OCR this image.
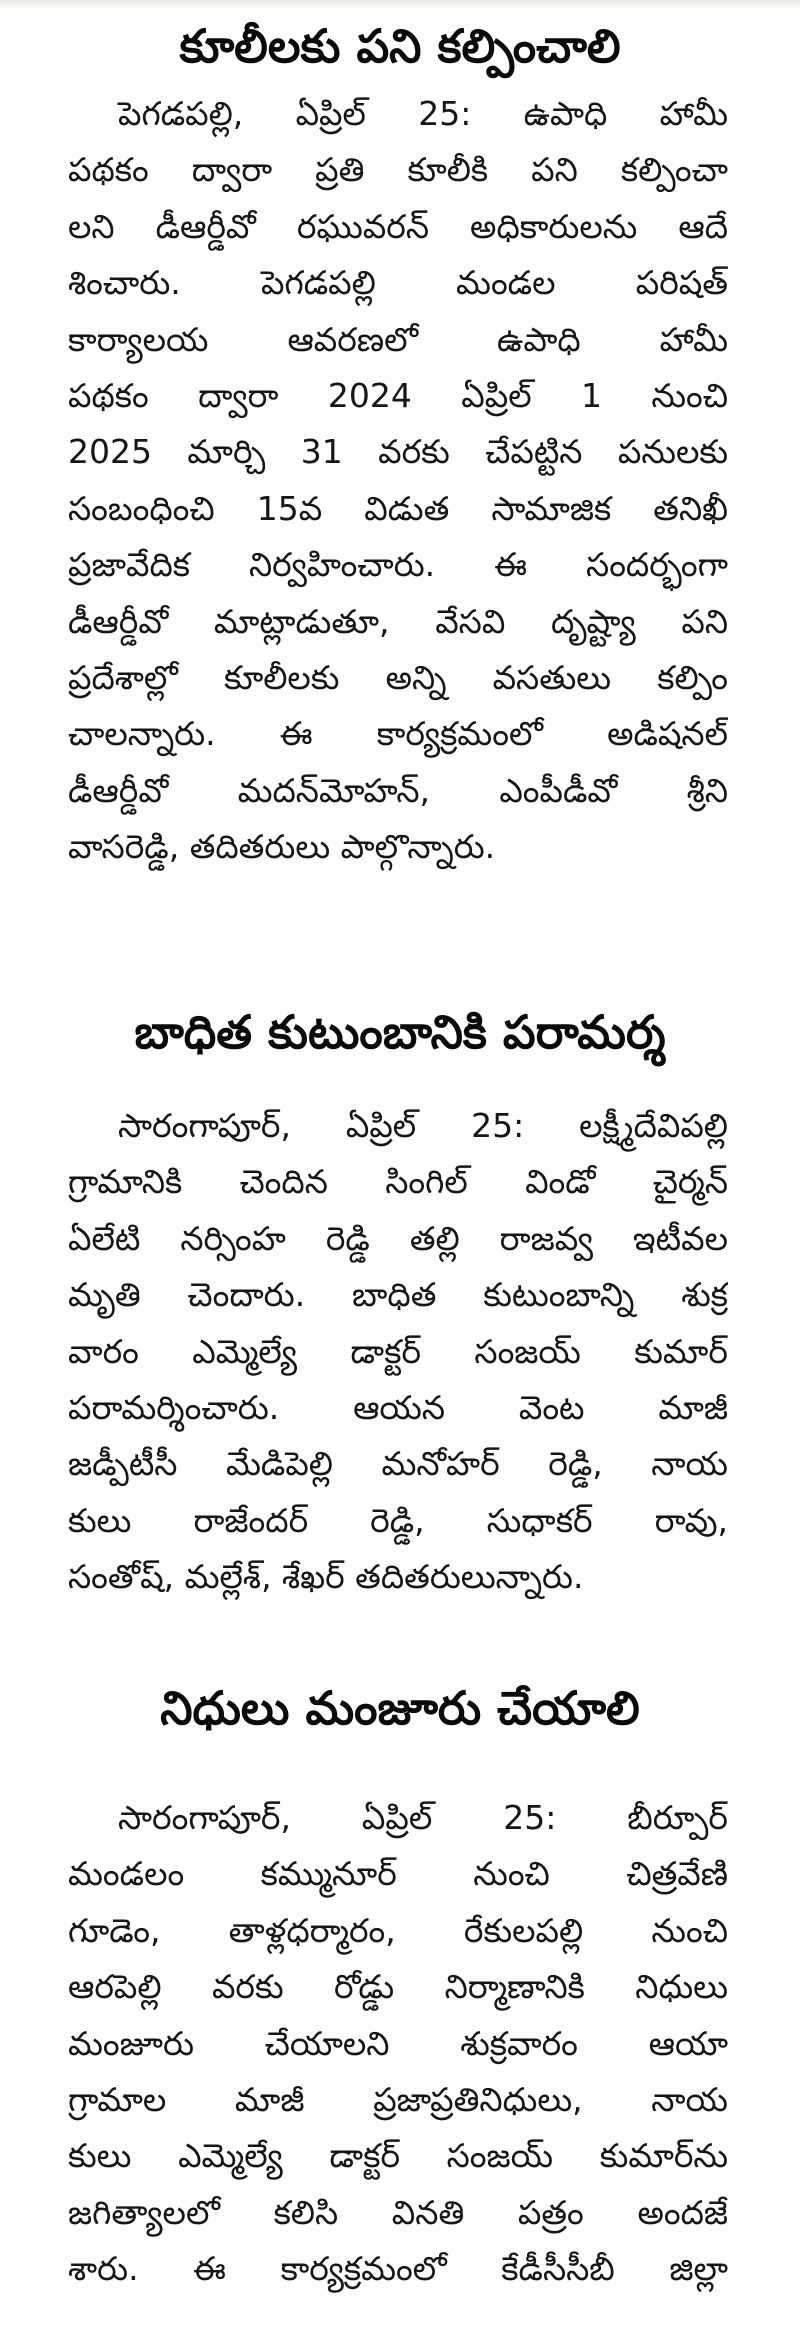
కూలీలకు పని కల్పించాలి
పెగడపల్లి, ఏప్రిల్ 25: ఉపాధి హామీ
పథకం ద్వారా ప్రతి కూలీకి పని కల్పించా
లని డీఆర్డీవో రఘువరన్ అధికారులను ఆదే
శించారు. పెగడపల్లి మండల పరిషత్
కార్యాలయ ఆవరణలో ఉపాధి హామీ
పథకం ద్వారా 2024 ఏప్రిల్ 1 నుంచి
2025 మార్చి 31 వరకు చేపట్టిన పనులకు
సంబంధించి 15వ విడుత సామాజిక తనిఖీ
ప్రజావేదిక నిర్వహించారు. ఈ సందర్భంగా
డీఆర్డీవో మాట్లాడుతూ, వేసవి దృష్ట్యా పని
ప్రదేశాల్లో కూలీలకు అన్ని వసతులు కల్పిం
చాలన్నారు. ఈ కార్యక్రమంలో అడిషనల్
డీఆర్డీవో మదన్‌మోహన్, ఎంపీడీవో శ్రీని
వాసరెడ్డి, తదితరులు పాల్గొన్నారు.
బాధిత కుటుంబానికి పరామర్శ
సారంగాపూర్, ఏప్రిల్ 25: లక్ష్మీదేవిపల్లి
గ్రామానికి చెందిన సింగిల్ విండో చైర్మన్
ఏలేటి నర్సింహ రెడ్డి తల్లి రాజవ్వ ఇటీవల
మృతి చెందారు. బాధిత కుటుంబాన్ని శుక్ర
వారం ఎమ్మెల్యే డాక్టర్ సంజయ్ కుమార్
పరామర్శించారు. ఆయన వెంట మాజీ
జడ్పీటీసీ మేడిపెల్లి మనోహర్ రెడ్డి, నాయ
కులు రాజేందర్ రెడ్డి, సుధాకర్ రావు,
సంతోష్, మల్లేశ్, శేఖర్ తదితరులున్నారు.
నిధులు మంజూరు చేయాలి
సారంగాపూర్, ఏప్రిల్ 25: బీర్పూర్
మండలం కమ్మునూర్ నుంచి చిత్రవేణి
గూడెం, తాళ్లధర్మారం, రేకులపల్లి నుంచి
ఆరపెల్లి వరకు రోడ్డు నిర్మాణానికి నిధులు
మంజూరు చేయాలని శుక్రవారం ఆయా
గ్రామాల మాజీ ప్రజాప్రతినిధులు, నాయ
కులు ఎమ్మెల్యే డాక్టర్ సంజయ్ కుమార్‌ను
జగిత్యాలలో కలిసి వినతి పత్రం అందజే
శారు. ఈ కార్యక్రమంలో కేడీసీసీబీ జిల్లా
